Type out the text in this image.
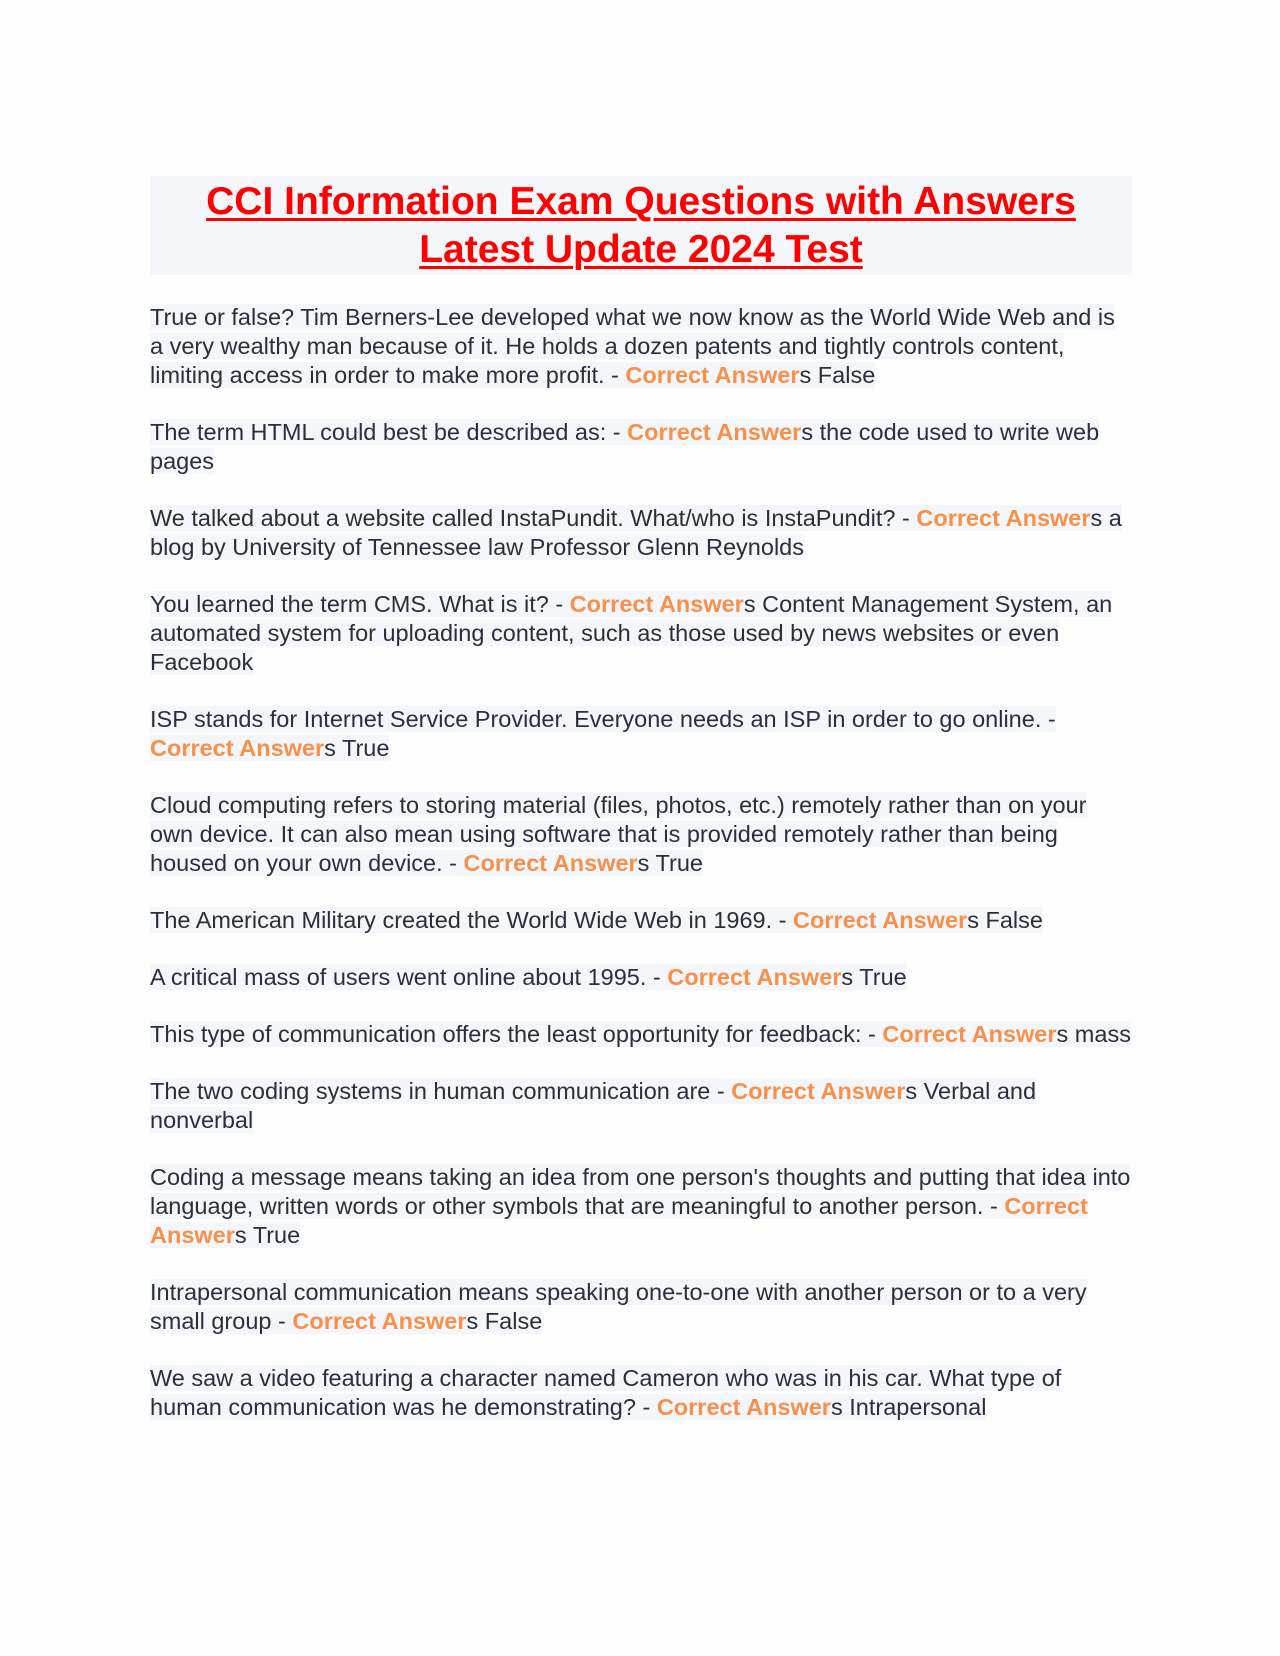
CCI Information Exam Questions with Answers Latest Update 2024 Test

True or false? Tim Berners-Lee developed what we now know as the World Wide Web and is a very wealthy man because of it. He holds a dozen patents and tightly controls content, limiting access in order to make more profit. - Correct Answers False

The term HTML could best be described as: - Correct Answers the code used to write web pages

We talked about a website called InstaPundit. What/who is InstaPundit? - Correct Answers a blog by University of Tennessee law Professor Glenn Reynolds

You learned the term CMS. What is it? - Correct Answers Content Management System, an automated system for uploading content, such as those used by news websites or even Facebook

ISP stands for Internet Service Provider. Everyone needs an ISP in order to go online. - Correct Answers True

Cloud computing refers to storing material (files, photos, etc.) remotely rather than on your own device. It can also mean using software that is provided remotely rather than being housed on your own device. - Correct Answers True

The American Military created the World Wide Web in 1969. - Correct Answers False

A critical mass of users went online about 1995. - Correct Answers True

This type of communication offers the least opportunity for feedback: - Correct Answers mass

The two coding systems in human communication are - Correct Answers Verbal and nonverbal

Coding a message means taking an idea from one person's thoughts and putting that idea into language, written words or other symbols that are meaningful to another person. - Correct Answers True

Intrapersonal communication means speaking one-to-one with another person or to a very small group - Correct Answers False

We saw a video featuring a character named Cameron who was in his car. What type of human communication was he demonstrating? - Correct Answers Intrapersonal
